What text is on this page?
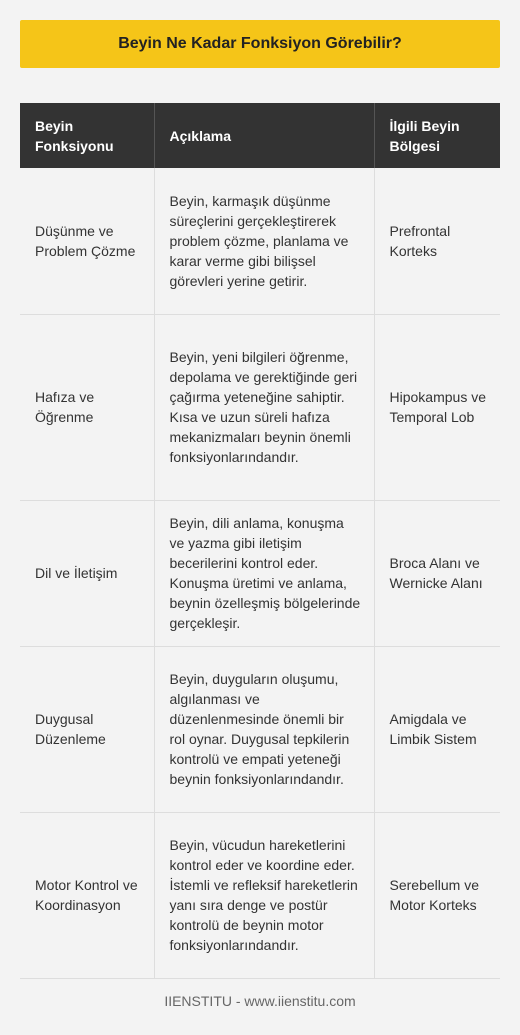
Beyin Ne Kadar Fonksiyon Görebilir?
Beyin Fonksiyonu	Açıklama	İlgili Beyin Bölgesi
Düşünme ve Problem Çözme	Beyin, karmaşık düşünme süreçlerini gerçekleştirerek problem çözme, planlama ve karar verme gibi bilişsel görevleri yerine getirir.	Prefrontal Korteks
Hafıza ve Öğrenme	Beyin, yeni bilgileri öğrenme, depolama ve gerektiğinde geri çağırma yeteneğine sahiptir. Kısa ve uzun süreli hafıza mekanizmaları beynin önemli fonksiyonlarındandır.	Hipokampus ve Temporal Lob
Dil ve İletişim	Beyin, dili anlama, konuşma ve yazma gibi iletişim becerilerini kontrol eder. Konuşma üretimi ve anlama, beynin özelleşmiş bölgelerinde gerçekleşir.	Broca Alanı ve Wernicke Alanı
Duygusal Düzenleme	Beyin, duyguların oluşumu, algılanması ve düzenlenmesinde önemli bir rol oynar. Duygusal tepkilerin kontrolü ve empati yeteneği beynin fonksiyonlarındandır.	Amigdala ve Limbik Sistem
Motor Kontrol ve Koordinasyon	Beyin, vücudun hareketlerini kontrol eder ve koordine eder. İstemli ve refleksif hareketlerin yanı sıra denge ve postür kontrolü de beynin motor fonksiyonlarındandır.	Serebellum ve Motor Korteks
IIENSTITU - www.iienstitu.com
